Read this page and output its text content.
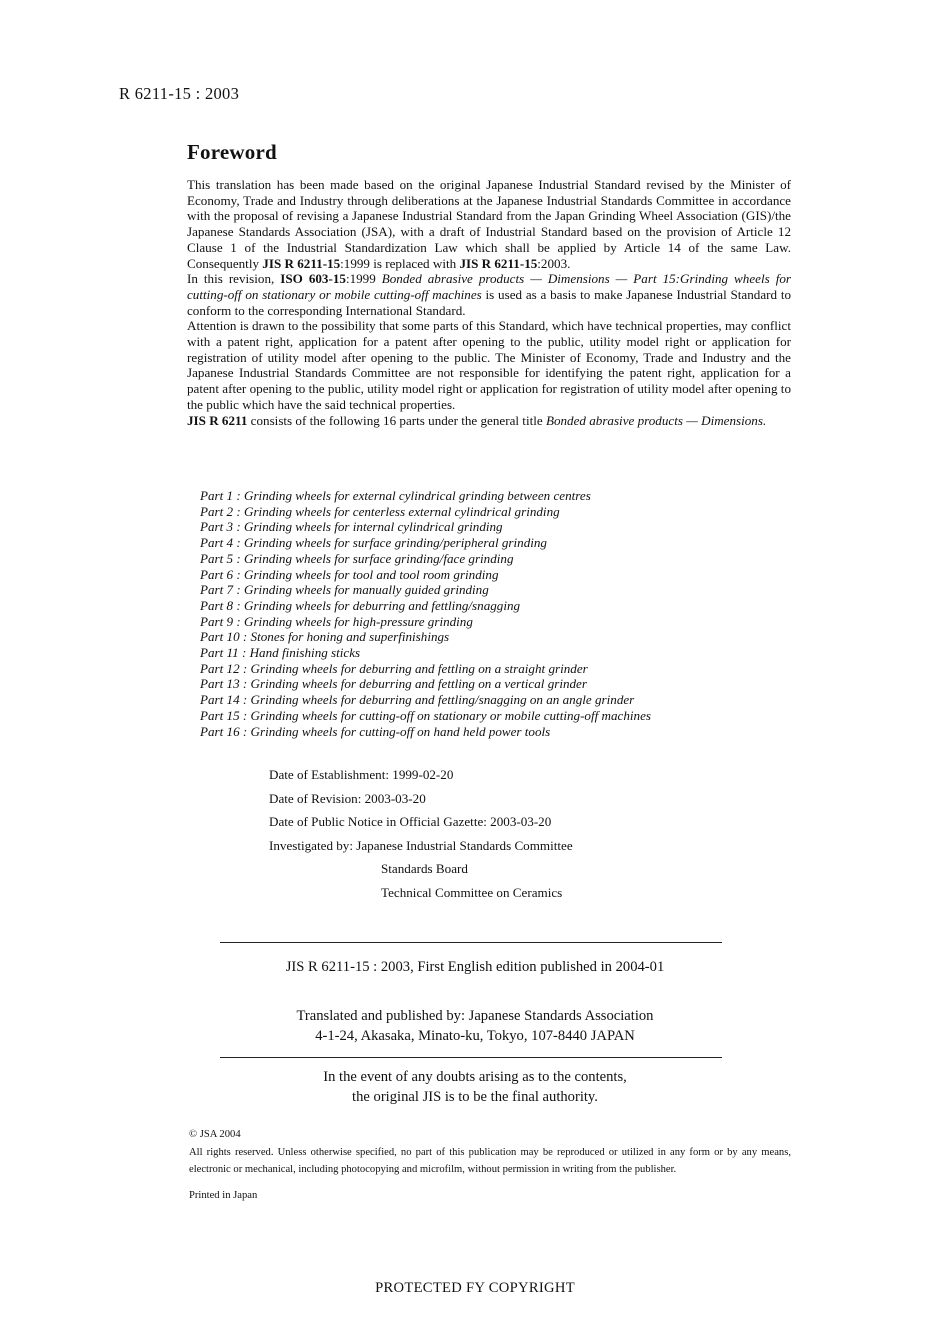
R 6211-15 : 2003
Foreword

This translation has been made based on the original Japanese Industrial Standard revised by the Minister of Economy, Trade and Industry through deliberations at the Japanese Industrial Standards Committee in accordance with the proposal of revising a Japanese Industrial Standard from the Japan Grinding Wheel Association (GIS)/the Japanese Standards Association (JSA), with a draft of Industrial Standard based on the provision of Article 12 Clause 1 of the Industrial Standardization Law which shall be applied by Article 14 of the same Law. Consequently JIS R 6211-15:1999 is replaced with JIS R 6211-15:2003.

In this revision, ISO 603-15:1999 Bonded abrasive products — Dimensions — Part 15:Grinding wheels for cutting-off on stationary or mobile cutting-off machines is used as a basis to make Japanese Industrial Standard to conform to the corresponding International Standard.

Attention is drawn to the possibility that some parts of this Standard, which have technical properties, may conflict with a patent right, application for a patent after opening to the public, utility model right or application for registration of utility model after opening to the public. The Minister of Economy, Trade and Industry and the Japanese Industrial Standards Committee are not responsible for identifying the patent right, application for a patent after opening to the public, utility model right or application for registration of utility model after opening to the public which have the said technical properties.

JIS R 6211 consists of the following 16 parts under the general title Bonded abrasive products — Dimensions.

Part 1 : Grinding wheels for external cylindrical grinding between centres
Part 2 : Grinding wheels for centerless external cylindrical grinding
Part 3 : Grinding wheels for internal cylindrical grinding
Part 4 : Grinding wheels for surface grinding/peripheral grinding
Part 5 : Grinding wheels for surface grinding/face grinding
Part 6 : Grinding wheels for tool and tool room grinding
Part 7 : Grinding wheels for manually guided grinding
Part 8 : Grinding wheels for deburring and fettling/snagging
Part 9 : Grinding wheels for high-pressure grinding
Part 10 : Stones for honing and superfinishings
Part 11 : Hand finishing sticks
Part 12 : Grinding wheels for deburring and fettling on a straight grinder
Part 13 : Grinding wheels for deburring and fettling on a vertical grinder
Part 14 : Grinding wheels for deburring and fettling/snagging on an angle grinder
Part 15 : Grinding wheels for cutting-off on stationary or mobile cutting-off machines
Part 16 : Grinding wheels for cutting-off on hand held power tools
Date of Establishment: 1999-02-20
Date of Revision: 2003-03-20
Date of Public Notice in Official Gazette: 2003-03-20
Investigated by: Japanese Industrial Standards Committee
Standards Board
Technical Committee on Ceramics
JIS R 6211-15 : 2003, First English edition published in 2004-01
Translated and published by: Japanese Standards Association
4-1-24, Akasaka, Minato-ku, Tokyo, 107-8440 JAPAN
In the event of any doubts arising as to the contents,
the original JIS is to be the final authority.

© JSA 2004

All rights reserved. Unless otherwise specified, no part of this publication may be reproduced or utilized in any form or by any means, electronic or mechanical, including photocopying and microfilm, without permission in writing from the publisher.

Printed in Japan

PROTECTED FY COPYRIGHT
